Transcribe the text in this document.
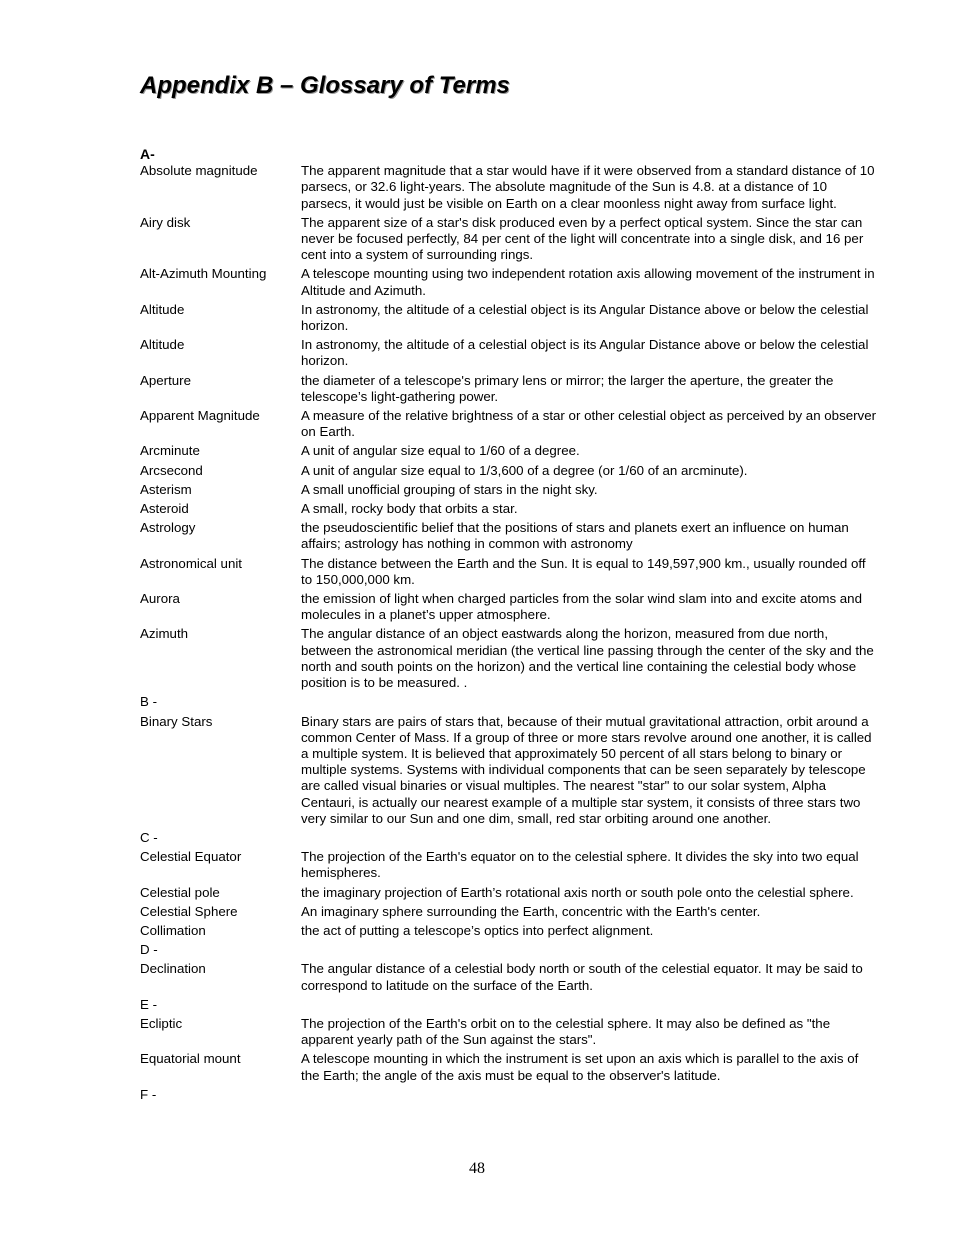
Appendix B – Glossary of Terms
A-
Absolute magnitude	The apparent magnitude that a star would have if it were observed from a standard distance of 10 parsecs, or 32.6 light-years. The absolute magnitude of the Sun is 4.8. at a distance of 10 parsecs, it would just be visible on Earth on a clear moonless night away from surface light.
Airy disk	The apparent size of a star's disk produced even by a perfect optical system. Since the star can never be focused perfectly, 84 per cent of the light will concentrate into a single disk, and 16 per cent into a system of surrounding rings.
Alt-Azimuth Mounting	A telescope mounting using two independent rotation axis allowing movement of the instrument in Altitude and Azimuth.
Altitude	In astronomy, the altitude of a celestial object is its Angular Distance above or below the celestial horizon.
Altitude	In astronomy, the altitude of a celestial object is its Angular Distance above or below the celestial horizon.
Aperture	the diameter of a telescope's primary lens or mirror; the larger the aperture, the greater the telescope’s light-gathering power.
Apparent Magnitude	A measure of the relative brightness of a star or other celestial object as perceived by an observer on Earth.
Arcminute	A unit of angular size equal to 1/60 of a degree.
Arcsecond	A unit of angular size equal to 1/3,600 of a degree (or 1/60 of an arcminute).
Asterism	A small unofficial grouping of stars in the night sky.
Asteroid	A small, rocky body that orbits a star.
Astrology	the pseudoscientific belief that the positions of stars and planets exert an influence on human affairs; astrology has nothing in common with astronomy
Astronomical unit	The distance between the Earth and the Sun. It is equal to 149,597,900 km., usually rounded off to 150,000,000 km.
Aurora	the emission of light when charged particles from the solar wind slam into and excite atoms and molecules in a planet’s upper atmosphere.
Azimuth	The angular distance of an object eastwards along the horizon, measured from due north, between the astronomical meridian (the vertical line passing through the center of the sky and the north and south points on the horizon) and the vertical line containing the celestial body whose position is to be measured. .
B -
Binary Stars	Binary stars are pairs of stars that, because of their mutual gravitational attraction, orbit around a common Center of Mass. If a group of three or more stars revolve around one another, it is called a multiple system. It is believed that approximately 50 percent of all stars belong to binary or multiple systems. Systems with individual components that can be seen separately by telescope are called visual binaries or visual multiples. The nearest "star" to our solar system, Alpha Centauri, is actually our nearest example of a multiple star system, it consists of three stars two very similar to our Sun and one dim, small, red star orbiting around one another.
C -
Celestial Equator	The projection of the Earth's equator on to the celestial sphere. It divides the sky into two equal hemispheres.
Celestial pole	the imaginary projection of Earth’s rotational axis north or south pole onto the celestial sphere.
Celestial Sphere	An imaginary sphere surrounding the Earth, concentric with the Earth's center.
Collimation	the act of putting a telescope’s optics into perfect alignment.
D -
Declination	The angular distance of a celestial body north or south of the celestial equator. It may be said to correspond to latitude on the surface of the Earth.
E -
Ecliptic	The projection of the Earth's orbit on to the celestial sphere. It may also be defined as "the apparent yearly path of the Sun against the stars".
Equatorial mount	A telescope mounting in which the instrument is set upon an axis which is parallel to the axis of the Earth; the angle of the axis must be equal to the observer's latitude.
F -
48
